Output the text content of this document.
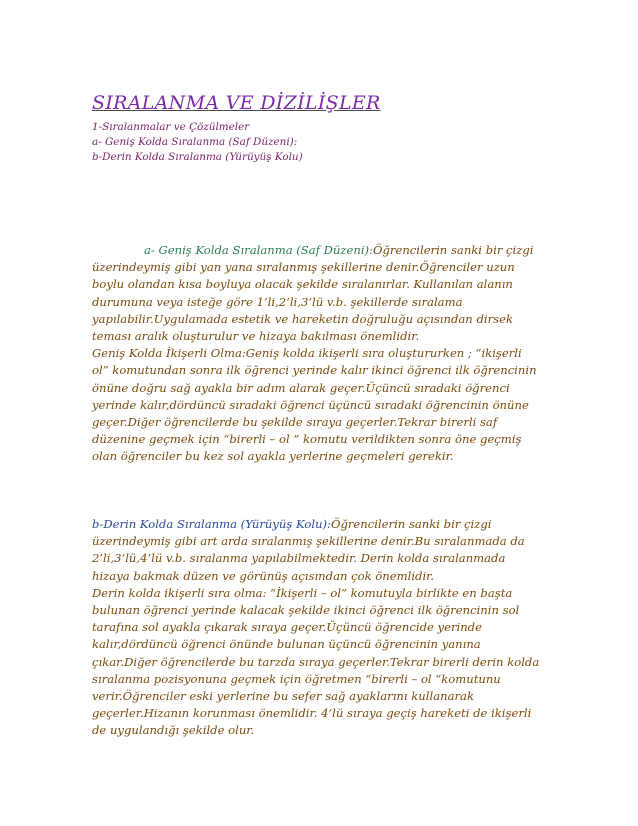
SIRALANMA VE DİZİLİŞLER
1-Sıralanmalar ve Çözülmeler
a- Geniş Kolda Sıralanma (Saf Düzeni):
b-Derin Kolda Sıralanma (Yürüyüş Kolu)
a- Geniş Kolda Sıralanma (Saf Düzeni):Öğrencilerin sanki bir çizgi
üzerindeymiş gibi yan yana sıralanmış şekillerine denir.Öğrenciler uzun
boylu olandan kısa boyluya olacak şekilde sıralanırlar. Kullanılan alanın
durumuna veya isteğe göre 1’li,2’li,3’lü v.b. şekillerde sıralama
yapılabilir.Uygulamada estetik ve hareketin doğruluğu açısından dirsek
teması aralık oluşturulur ve hizaya bakılması önemlidir.
Geniş Kolda İkişerli Olma:Geniş kolda ikişerli sıra oluştururken ; “ikişerli
ol” komutundan sonra ilk öğrenci yerinde kalır ikinci öğrenci ilk öğrencinin
önüne doğru sağ ayakla bir adım alarak geçer.Üçüncü sıradaki öğrenci
yerinde kalır,dördüncü sıradaki öğrenci üçüncü sıradaki öğrencinin önüne
geçer.Diğer öğrencilerde bu şekilde sıraya geçerler.Tekrar birerli saf
düzenine geçmek için “birerli – ol ” komutu verildikten sonra öne geçmiş
olan öğrenciler bu kez sol ayakla yerlerine geçmeleri gerekir.
b-Derin Kolda Sıralanma (Yürüyüş Kolu):Öğrencilerin sanki bir çizgi
üzerindeymiş gibi art arda sıralanmış şekillerine denir.Bu sıralanmada da
2’li,3’lü,4’lü v.b. sıralanma yapılabilmektedir. Derin kolda sıralanmada
hizaya bakmak düzen ve görünüş açısından çok önemlidir.
Derin kolda ikişerli sıra olma: “İkişerli – ol” komutuyla birlikte en başta
bulunan öğrenci yerinde kalacak şekilde ikinci öğrenci ilk öğrencinin sol
tarafına sol ayakla çıkarak sıraya geçer.Üçüncü öğrencide yerinde
kalır,dördüncü öğrenci önünde bulunan üçüncü öğrencinin yanına
çıkar.Diğer öğrencilerde bu tarzda sıraya geçerler.Tekrar birerli derin kolda
sıralanma pozisyonuna geçmek için öğretmen “birerli – ol “komutunu
verir.Öğrenciler eski yerlerine bu sefer sağ ayaklarını kullanarak
geçerler.Hizanın korunması önemlidir. 4’lü sıraya geçiş hareketi de ikişerli
de uygulandığı şekilde olur.
